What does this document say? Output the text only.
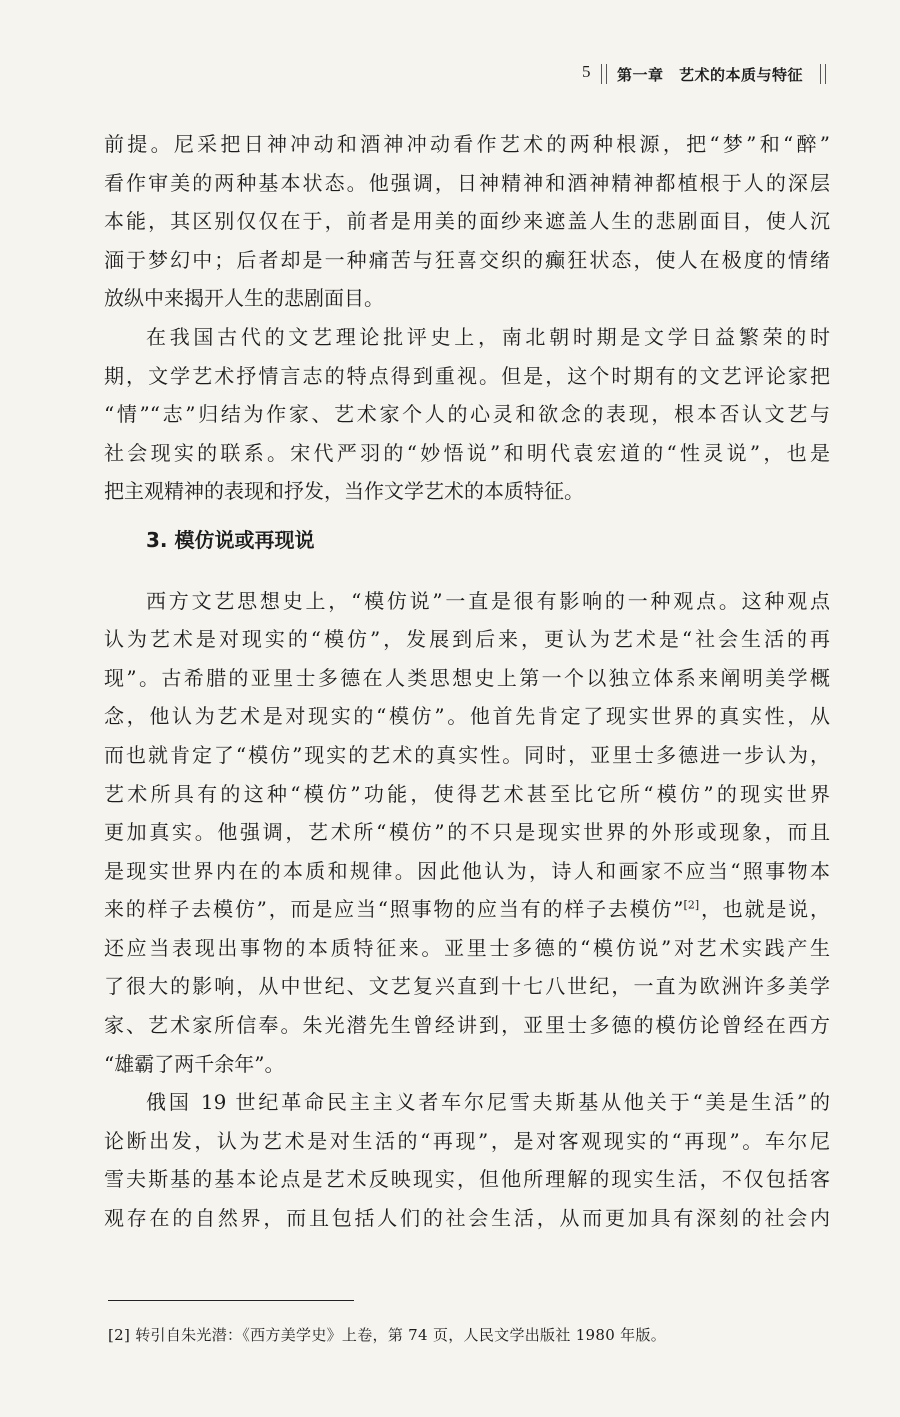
5 第一章　艺术的本质与特征
前提。尼采把日神冲动和酒神冲动看作艺术的两种根源，把“梦”和“醉”
看作审美的两种基本状态。他强调，日神精神和酒神精神都植根于人的深层
本能，其区别仅仅在于，前者是用美的面纱来遮盖人生的悲剧面目，使人沉
湎于梦幻中；后者却是一种痛苦与狂喜交织的癫狂状态，使人在极度的情绪
放纵中来揭开人生的悲剧面目。
在我国古代的文艺理论批评史上，南北朝时期是文学日益繁荣的时
期，文学艺术抒情言志的特点得到重视。但是，这个时期有的文艺评论家把
“情”“志”归结为作家、艺术家个人的心灵和欲念的表现，根本否认文艺与
社会现实的联系。宋代严羽的“妙悟说”和明代袁宏道的“性灵说”，也是
把主观精神的表现和抒发，当作文学艺术的本质特征。
3. 模仿说或再现说
西方文艺思想史上，“模仿说”一直是很有影响的一种观点。这种观点
认为艺术是对现实的“模仿”，发展到后来，更认为艺术是“社会生活的再
现”。古希腊的亚里士多德在人类思想史上第一个以独立体系来阐明美学概
念，他认为艺术是对现实的“模仿”。他首先肯定了现实世界的真实性，从
而也就肯定了“模仿”现实的艺术的真实性。同时，亚里士多德进一步认为，
艺术所具有的这种“模仿”功能，使得艺术甚至比它所“模仿”的现实世界
更加真实。他强调，艺术所“模仿”的不只是现实世界的外形或现象，而且
是现实世界内在的本质和规律。因此他认为，诗人和画家不应当“照事物本
来的样子去模仿”，而是应当“照事物的应当有的样子去模仿”[2]，也就是说，
还应当表现出事物的本质特征来。亚里士多德的“模仿说”对艺术实践产生
了很大的影响，从中世纪、文艺复兴直到十七八世纪，一直为欧洲许多美学
家、艺术家所信奉。朱光潜先生曾经讲到，亚里士多德的模仿论曾经在西方
“雄霸了两千余年”。
俄国 19 世纪革命民主主义者车尔尼雪夫斯基从他关于“美是生活”的
论断出发，认为艺术是对生活的“再现”，是对客观现实的“再现”。车尔尼
雪夫斯基的基本论点是艺术反映现实，但他所理解的现实生活，不仅包括客
观存在的自然界，而且包括人们的社会生活，从而更加具有深刻的社会内
[2] 转引自朱光潜：《西方美学史》上卷，第 74 页，人民文学出版社 1980 年版。
